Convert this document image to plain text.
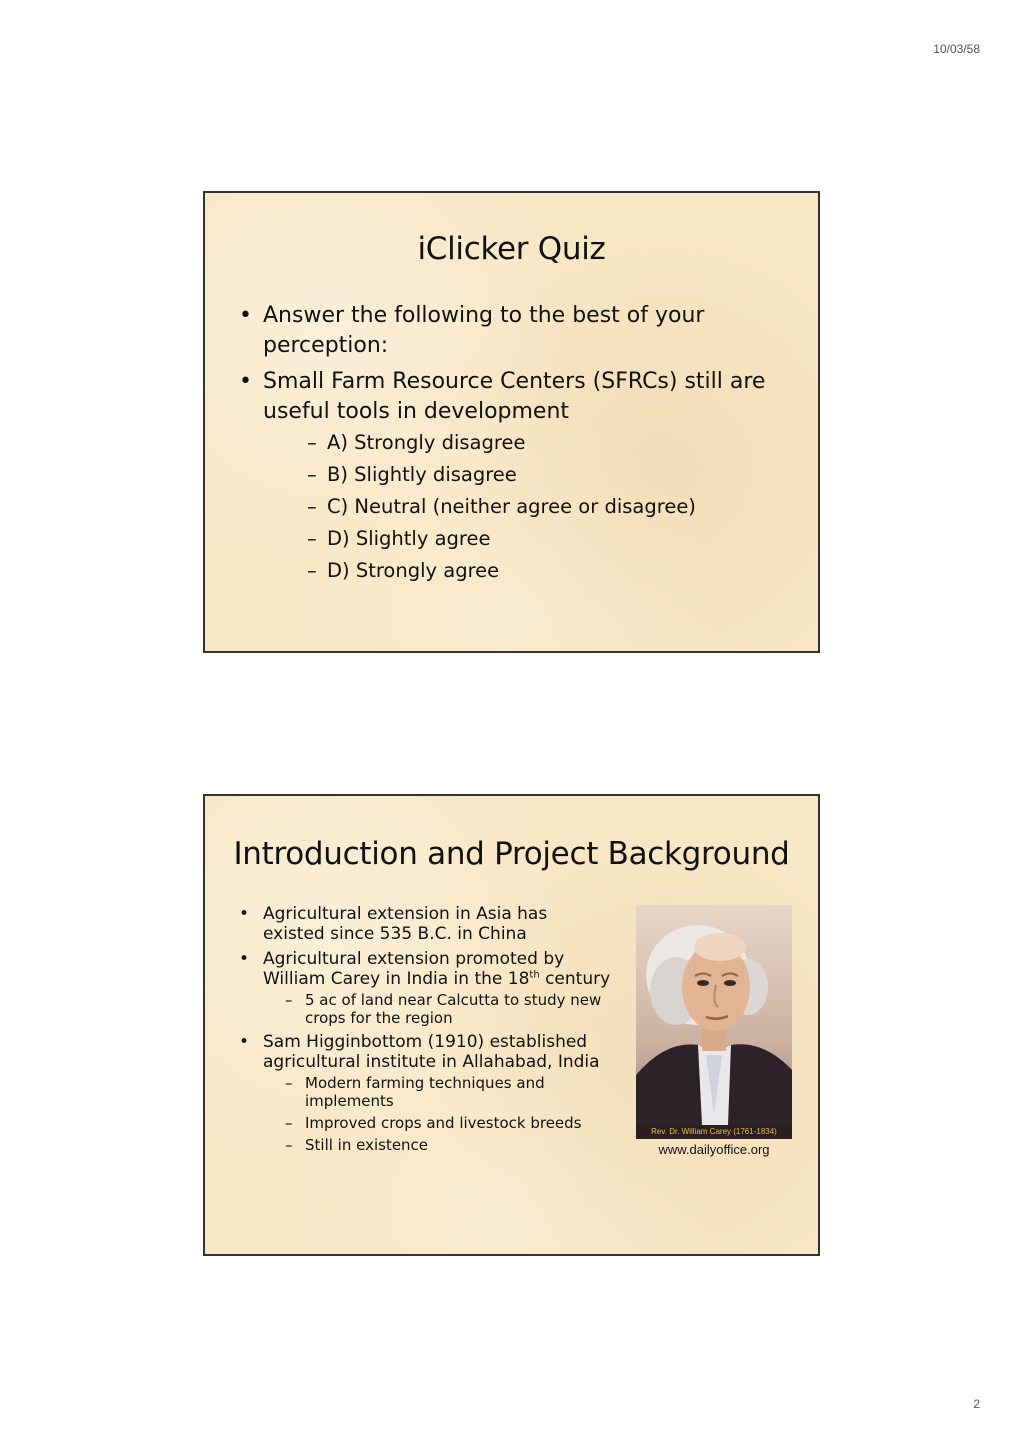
10/03/58
iClicker Quiz
• Answer the following to the best of your perception:
• Small Farm Resource Centers (SFRCs) still are useful tools in development
– A) Strongly disagree
– B) Slightly disagree
– C) Neutral (neither agree or disagree)
– D) Slightly agree
– D) Strongly agree
Introduction and Project Background
• Agricultural extension in Asia has existed since 535 B.C. in China
• Agricultural extension promoted by William Carey in India in the 18th century
– 5 ac of land near Calcutta to study new crops for the region
• Sam Higginbottom (1910) established agricultural institute in Allahabad, India
– Modern farming techniques and implements
– Improved crops and livestock breeds
– Still in existence
Rev. Dr. William Carey (1761-1834)
www.dailyoffice.org
2
